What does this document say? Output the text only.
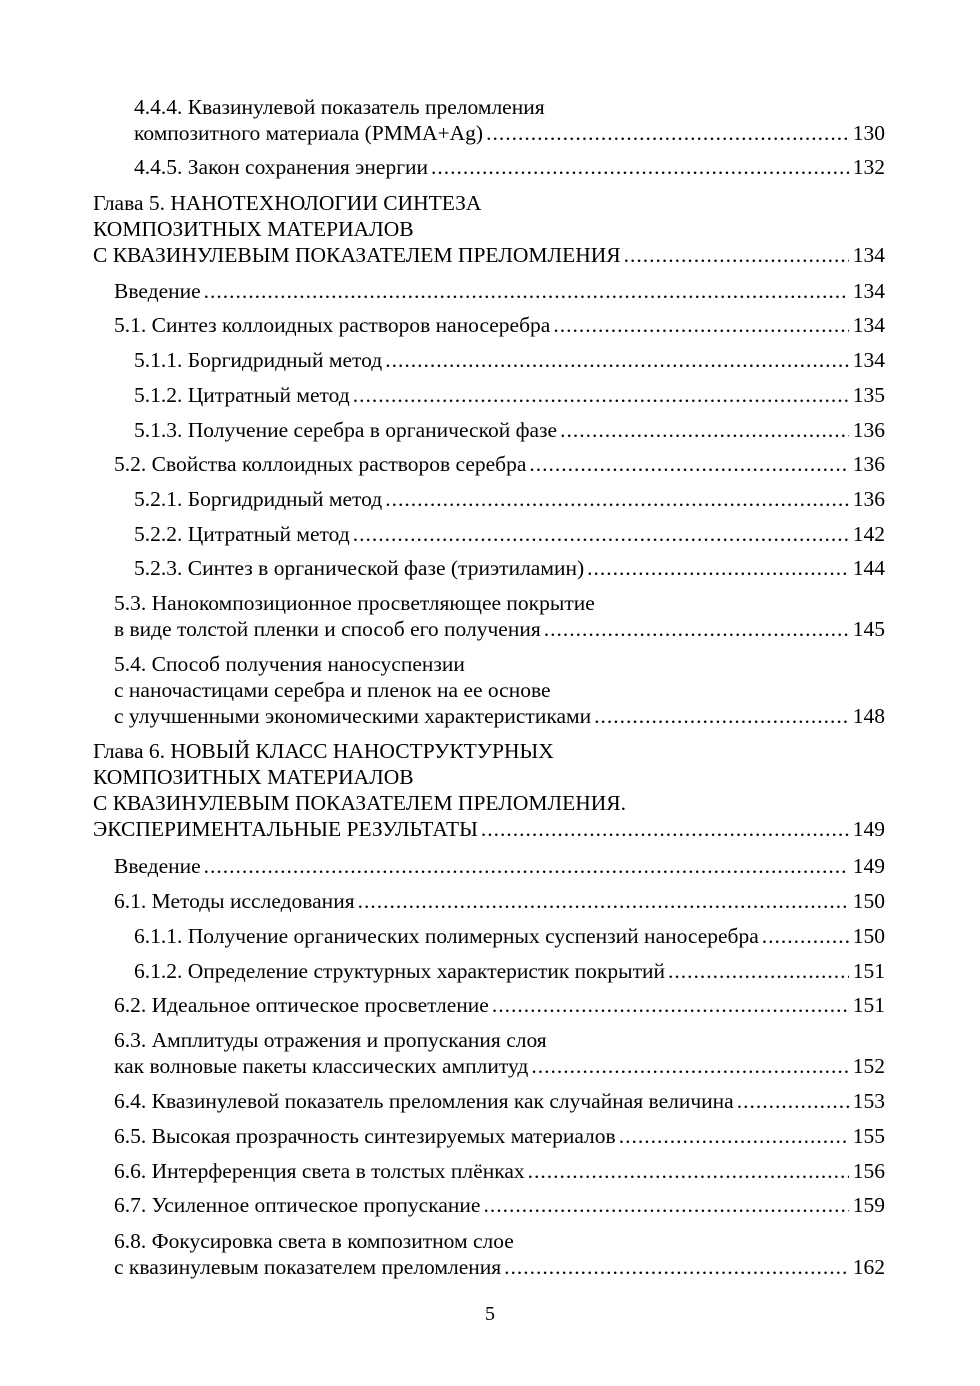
4.4.4. Квазинулевой показатель преломления
композитного материала (PMMA+Ag) .....	130
4.4.5. Закон сохранения энергии .....	132
Глава 5. НАНОТЕХНОЛОГИИ СИНТЕЗА
КОМПОЗИТНЫХ МАТЕРИАЛОВ
С КВАЗИНУЛЕВЫМ ПОКАЗАТЕЛЕМ ПРЕЛОМЛЕНИЯ .....	134
Введение .....	134
5.1. Синтез коллоидных растворов наносеребра .....	134
5.1.1. Боргидридный метод .....	134
5.1.2. Цитратный метод .....	135
5.1.3. Получение серебра в органической фазе .....	136
5.2. Свойства коллоидных растворов серебра .....	136
5.2.1. Боргидридный метод .....	136
5.2.2. Цитратный метод .....	142
5.2.3. Синтез в органической фазе (триэтиламин) .....	144
5.3. Нанокомпозиционное просветляющее покрытие
в виде толстой пленки и способ его получения .....	145
5.4. Способ получения наносуспензии
с наночастицами серебра и пленок на ее основе
с улучшенными экономическими характеристиками .....	148
Глава 6. НОВЫЙ КЛАСС НАНОСТРУКТУРНЫХ
КОМПОЗИТНЫХ МАТЕРИАЛОВ
С КВАЗИНУЛЕВЫМ ПОКАЗАТЕЛЕМ ПРЕЛОМЛЕНИЯ.
ЭКСПЕРИМЕНТАЛЬНЫЕ РЕЗУЛЬТАТЫ .....	149
Введение .....	149
6.1. Методы исследования .....	150
6.1.1. Получение органических полимерных суспензий наносеребра .....	150
6.1.2. Определение структурных характеристик покрытий .....	151
6.2. Идеальное оптическое просветление .....	151
6.3. Амплитуды отражения и пропускания слоя
как волновые пакеты классических амплитуд .....	152
6.4. Квазинулевой показатель преломления как случайная величина .....	153
6.5. Высокая прозрачность синтезируемых материалов .....	155
6.6. Интерференция света в толстых плёнках .....	156
6.7. Усиленное оптическое пропускание .....	159
6.8. Фокусировка света в композитном слое
с квазинулевым показателем преломления .....	162
5
